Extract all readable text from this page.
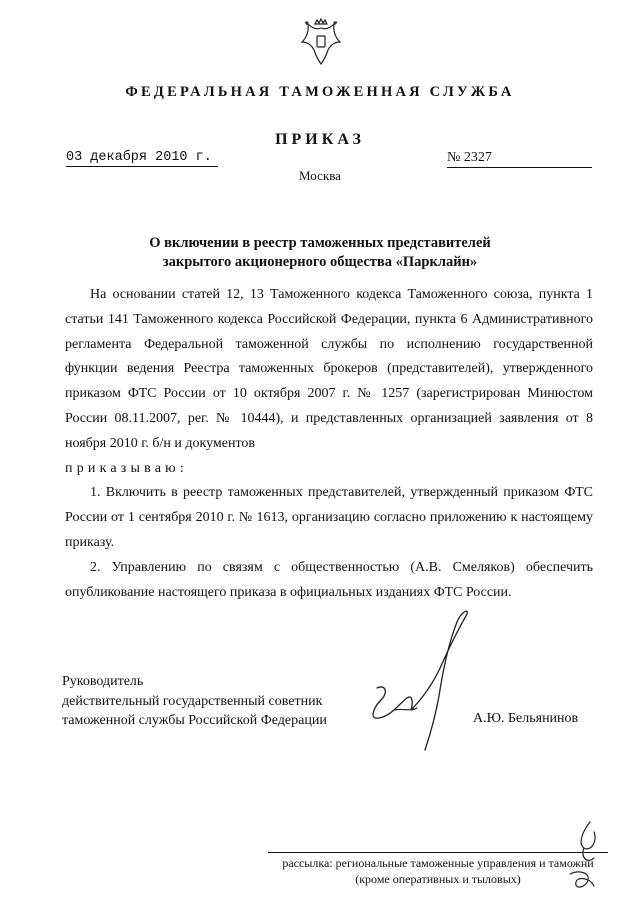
ФЕДЕРАЛЬНАЯ ТАМОЖЕННАЯ СЛУЖБА
ПРИКАЗ
03 декабря 2010 г.	№ 2327
Москва
О включении в реестр таможенных представителей
закрытого акционерного общества «Парклайн»

На основании статей 12, 13 Таможенного кодекса Таможенного союза, пункта 1 статьи 141 Таможенного кодекса Российской Федерации, пункта 6 Административного регламента Федеральной таможенной службы по исполнению государственной функции ведения Реестра таможенных брокеров (представителей), утвержденного приказом ФТС России от 10 октября 2007 г. № 1257 (зарегистрирован Минюстом России 08.11.2007, рег. № 10444), и представленных организацией заявления от 8 ноября 2010 г. б/н и документов

приказываю:

1. Включить в реестр таможенных представителей, утвержденный приказом ФТС России от 1 сентября 2010 г. № 1613, организацию согласно приложению к настоящему приказу.

2. Управлению по связям с общественностью (А.В. Смеляков) обеспечить опубликование настоящего приказа в официальных изданиях ФТС России.

Руководитель
действительный государственный советник
таможенной службы Российской Федерации	А.Ю. Бельянинов
рассылка: региональные таможенные управления и таможни
(кроме оперативных и тыловых)
